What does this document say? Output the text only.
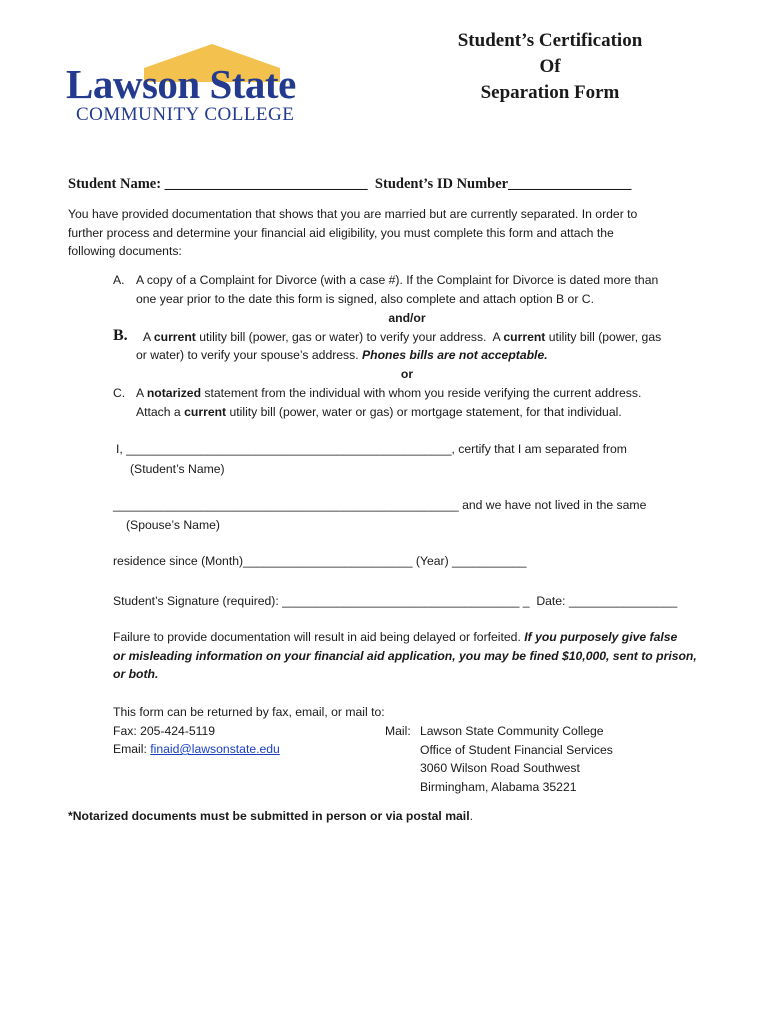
Student’s Certification
Of
Separation Form
Lawson State
COMMUNITY COLLEGE
Student Name: ____________________________ Student’s ID Number_________________
You have provided documentation that shows that you are married but are currently separated. In order to
further process and determine your financial aid eligibility, you must complete this form and attach the
following documents:
A. A copy of a Complaint for Divorce (with a case #). If the Complaint for Divorce is dated more than
one year prior to the date this form is signed, also complete and attach option B or C.
and/or
B. A current utility bill (power, gas or water) to verify your address.  A current utility bill (power, gas
or water) to verify your spouse’s address. Phones bills are not acceptable.
or
C. A notarized statement from the individual with whom you reside verifying the current address.
Attach a current utility bill (power, water or gas) or mortgage statement, for that individual.
I, ________________________________________________, certify that I am separated from
(Student’s Name)
___________________________________________________ and we have not lived in the same
(Spouse’s Name)
residence since (Month)_________________________ (Year) ___________
Student’s Signature (required): ___________________________________ _  Date: ________________
Failure to provide documentation will result in aid being delayed or forfeited. If you purposely give false
or misleading information on your financial aid application, you may be fined $10,000, sent to prison,
or both.
This form can be returned by fax, email, or mail to:
Fax: 205-424-5119
Email: finaid@lawsonstate.edu
Mail: Lawson State Community College
Office of Student Financial Services
3060 Wilson Road Southwest
Birmingham, Alabama 35221
*Notarized documents must be submitted in person or via postal mail.
